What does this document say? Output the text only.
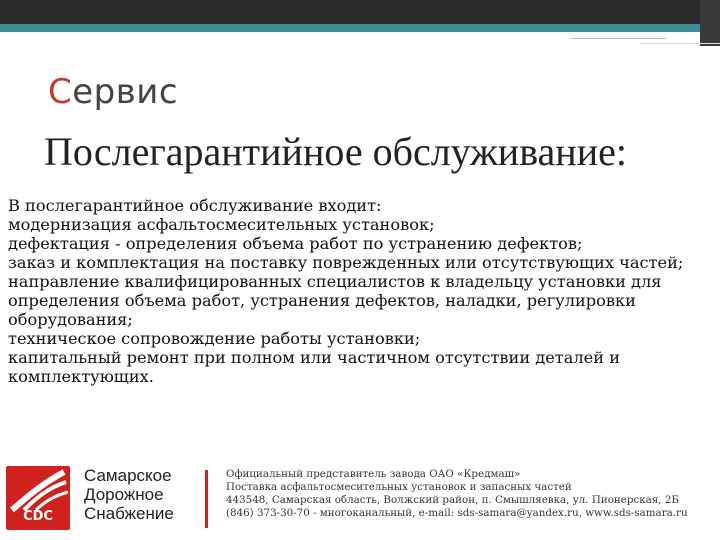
Сервис
Послегарантийное обслуживание:
В послегарантийное обслуживание входит:
модернизация асфальтосмесительных установок;
дефектация - определения объема работ по устранению дефектов;
заказ и комплектация на поставку поврежденных или отсутствующих частей;
направление квалифицированных специалистов к владельцу установки для определения объема работ, устранения дефектов, наладки, регулировки оборудования;
техническое сопровождение работы установки;
капитальный ремонт при полном или частичном отсутствии деталей и комплектующих.
CDC
Самарское
Дорожное
Снабжение
Официальный представитель завода ОАО «Кредмаш»
Поставка асфальтосмесительных установок и запасных частей
443548, Самарская область, Волжский район, п. Смышляевка, ул. Пионерская, 2Б
(846) 373-30-70 - многоканальный, e-mail: sds-samara@yandex.ru, www.sds-samara.ru
